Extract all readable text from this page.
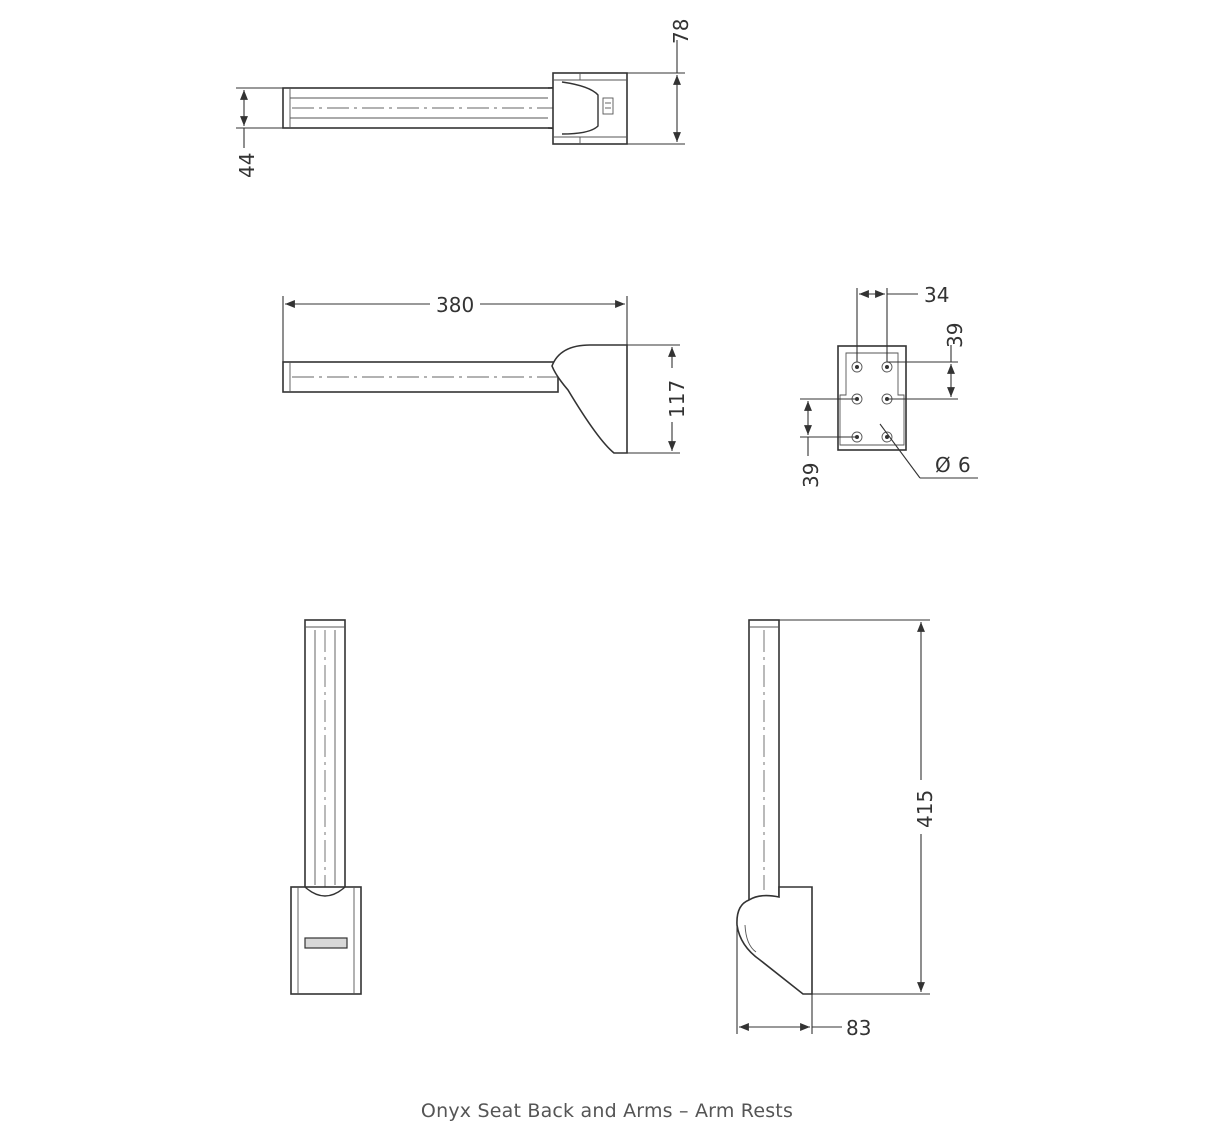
78
44
380
117
34
39
39	Ø 6
415
83
Onyx Seat Back and Arms – Arm Rests
